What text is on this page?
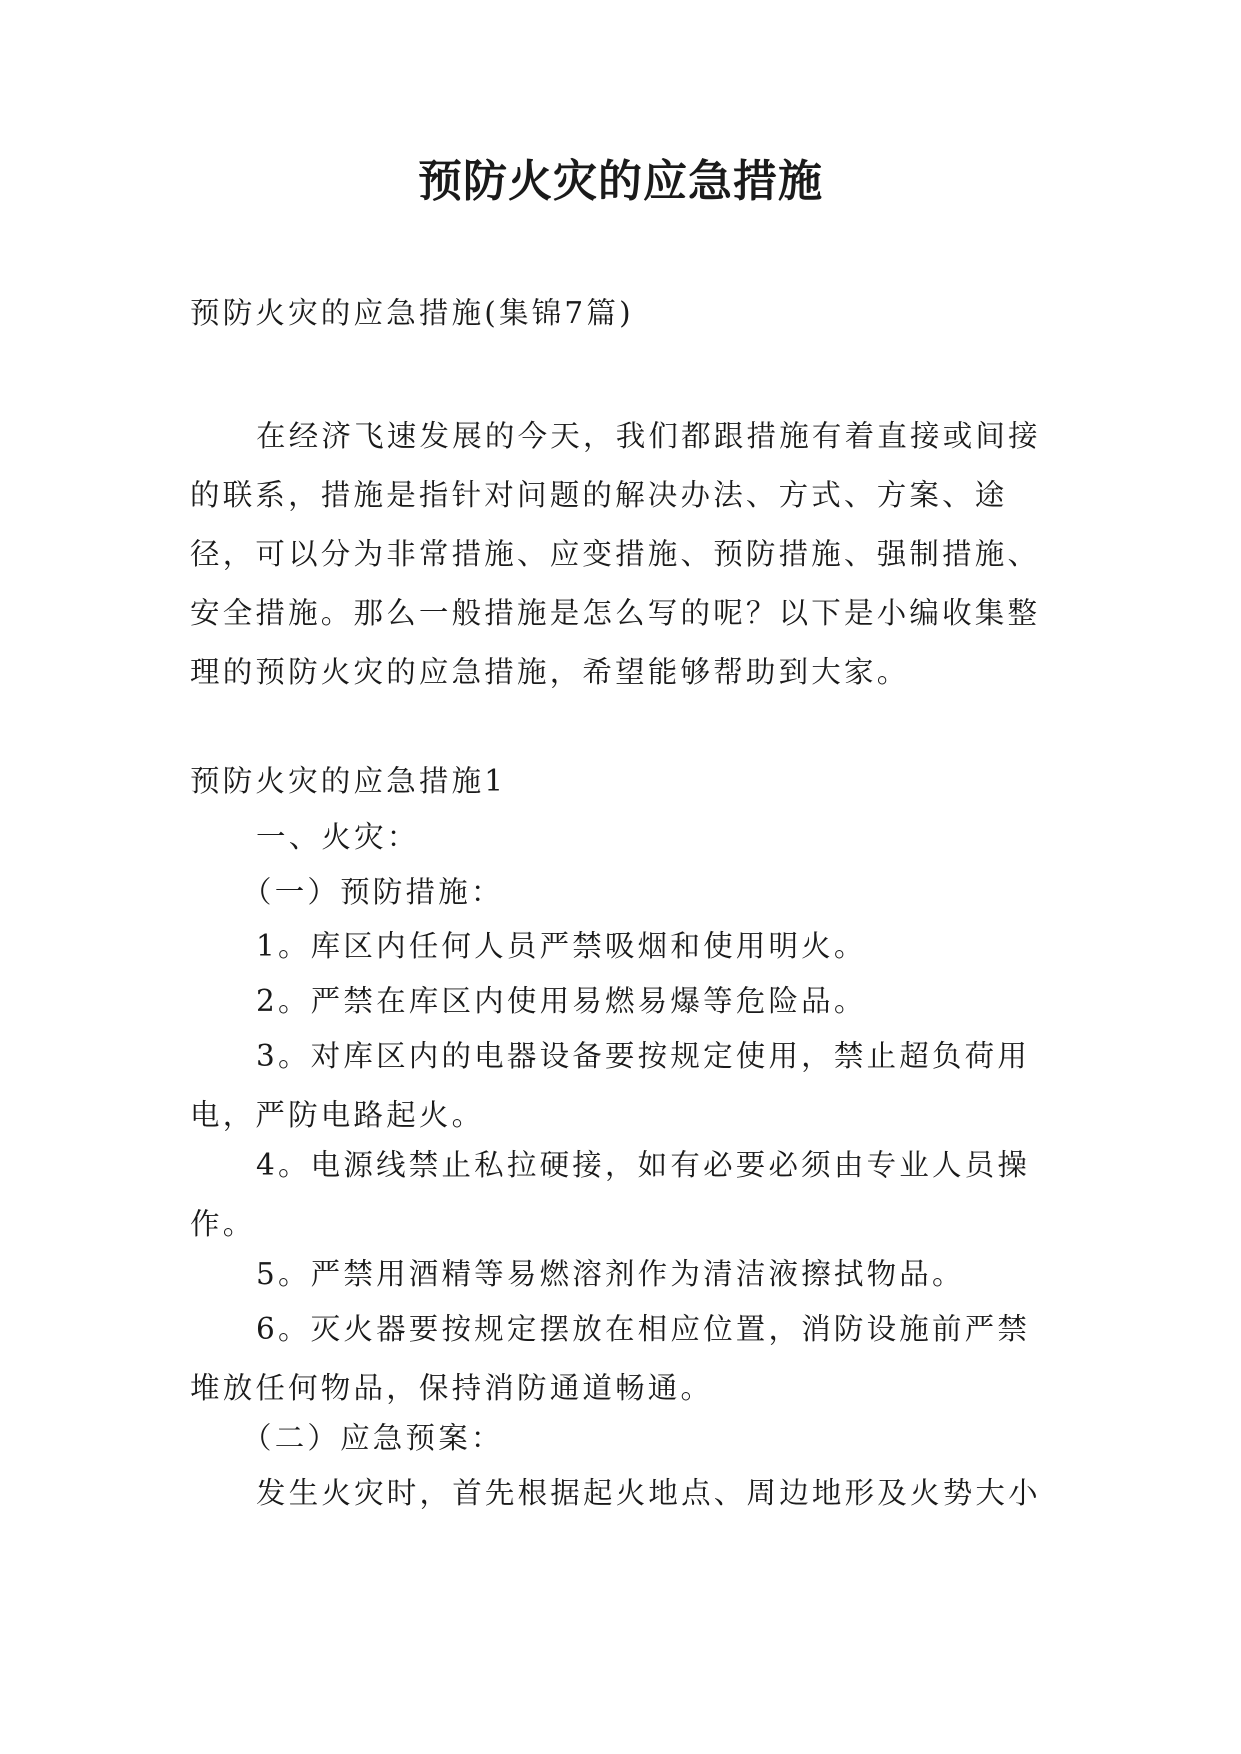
预防火灾的应急措施

预防火灾的应急措施(集锦7篇)

在经济飞速发展的今天，我们都跟措施有着直接或间接的联系，措施是指针对问题的解决办法、方式、方案、途径，可以分为非常措施、应变措施、预防措施、强制措施、安全措施。那么一般措施是怎么写的呢？以下是小编收集整理的预防火灾的应急措施，希望能够帮助到大家。

预防火灾的应急措施1

一、火灾：

（一）预防措施：

1。库区内任何人员严禁吸烟和使用明火。

2。严禁在库区内使用易燃易爆等危险品。

3。对库区内的电器设备要按规定使用，禁止超负荷用电，严防电路起火。

4。电源线禁止私拉硬接，如有必要必须由专业人员操作。

5。严禁用酒精等易燃溶剂作为清洁液擦拭物品。

6。灭火器要按规定摆放在相应位置，消防设施前严禁堆放任何物品，保持消防通道畅通。

（二）应急预案：

发生火灾时，首先根据起火地点、周边地形及火势大小
